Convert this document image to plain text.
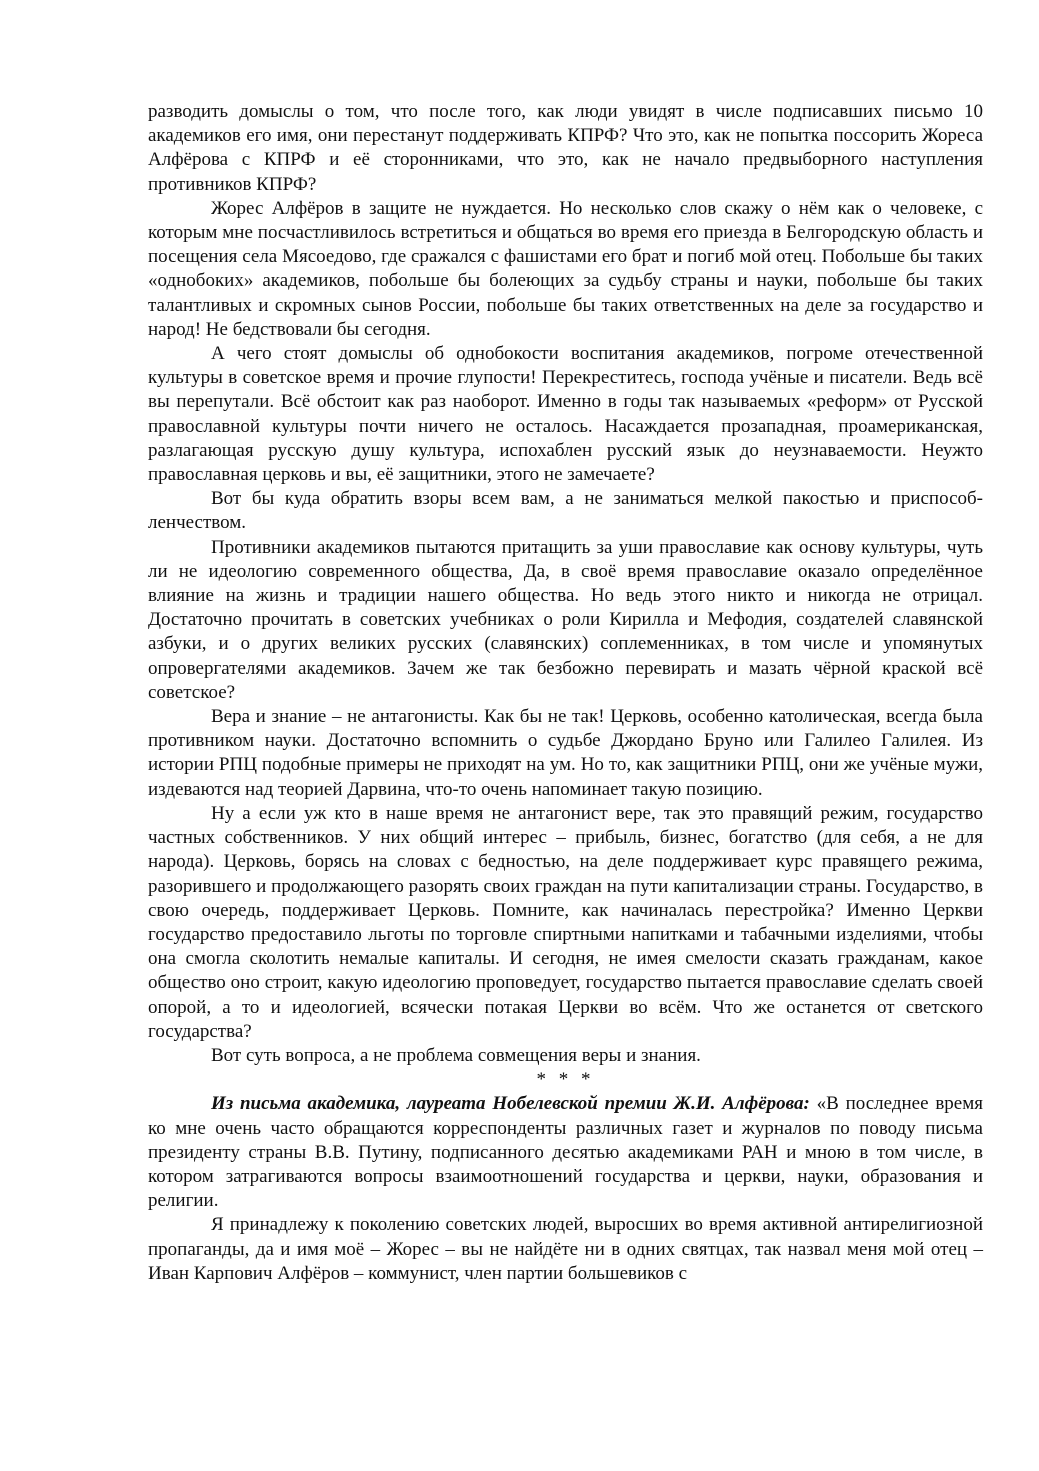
разводить домыслы о том, что после того, как люди увидят в числе подписавших письмо 10 академиков его имя, они перестанут поддерживать КПРФ? Что это, как не попытка поссорить Жореса Алфёрова с КПРФ и её сторонниками, что это, как не начало предвыборного наступления противников КПРФ?

Жорес Алфёров в защите не нуждается. Но несколько слов скажу о нём как о человеке, с которым мне посчастливилось встретиться и общаться во время его приезда в Белгородскую область и посещения села Мясоедово, где сражался с фашистами его брат и погиб мой отец. Побольше бы таких «однобоких» академиков, побольше бы болеющих за судьбу страны и науки, побольше бы таких талантливых и скромных сынов России, побольше бы таких ответственных на деле за государство и народ! Не бедствовали бы сегодня.

А чего стоят домыслы об однобокости воспитания академиков, погроме отечественной культуры в советское время и прочие глупости! Перекреститесь, господа учёные и писатели. Ведь всё вы перепутали. Всё обстоит как раз наоборот. Именно в годы так называемых «реформ» от Русской православной культуры почти ничего не осталось. Насаждается прозападная, проамериканская, разлагающая русскую душу культура, испохаблен русский язык до неузнаваемости. Неужто православная церковь и вы, её защитники, этого не замечаете?

Вот бы куда обратить взоры всем вам, а не заниматься мелкой пакостью и приспособленчеством.

Противники академиков пытаются притащить за уши православие как основу культуры, чуть ли не идеологию современного общества, Да, в своё время православие оказало определённое влияние на жизнь и традиции нашего общества. Но ведь этого никто и никогда не отрицал. Достаточно прочитать в советских учебниках о роли Кирилла и Мефодия, создателей славянской азбуки, и о других великих русских (славянских) соплеменниках, в том числе и упомянутых опровергателями академиков. Зачем же так безбожно перевирать и мазать чёрной краской всё советское?

Вера и знание – не антагонисты. Как бы не так! Церковь, особенно католическая, всегда была противником науки. Достаточно вспомнить о судьбе Джордано Бруно или Галилео Галилея. Из истории РПЦ подобные примеры не приходят на ум. Но то, как защитники РПЦ, они же учёные мужи, издеваются над теорией Дарвина, что-то очень напоминает такую позицию.

Ну а если уж кто в наше время не антагонист вере, так это правящий режим, государство частных собственников. У них общий интерес – прибыль, бизнес, богатство (для себя, а не для народа). Церковь, борясь на словах с бедностью, на деле поддерживает курс правящего режима, разорившего и продолжающего разорять своих граждан на пути капитализации страны. Государство, в свою очередь, поддерживает Церковь. Помните, как начиналась перестройка? Именно Церкви государство предоставило льготы по торговле спиртными напитками и табачными изделиями, чтобы она смогла сколотить немалые капиталы. И сегодня, не имея смелости сказать гражданам, какое общество оно строит, какую идеологию проповедует, государство пытается православие сделать своей опорой, а то и идеологией, всячески потакая Церкви во всём. Что же останется от светского государства?

Вот суть вопроса, а не проблема совмещения веры и знания.

* * *

Из письма академика, лауреата Нобелевской премии Ж.И. Алфёрова: «В последнее время ко мне очень часто обращаются корреспонденты различных газет и журналов по поводу письма президенту страны В.В. Путину, подписанного десятью академиками РАН и мною в том числе, в котором затрагиваются вопросы взаимоотношений государства и церкви, науки, образования и религии.

Я принадлежу к поколению советских людей, выросших во время активной антирелигиозной пропаганды, да и имя моё – Жорес – вы не найдёте ни в одних святцах, так назвал меня мой отец – Иван Карпович Алфёров – коммунист, член партии большевиков с
